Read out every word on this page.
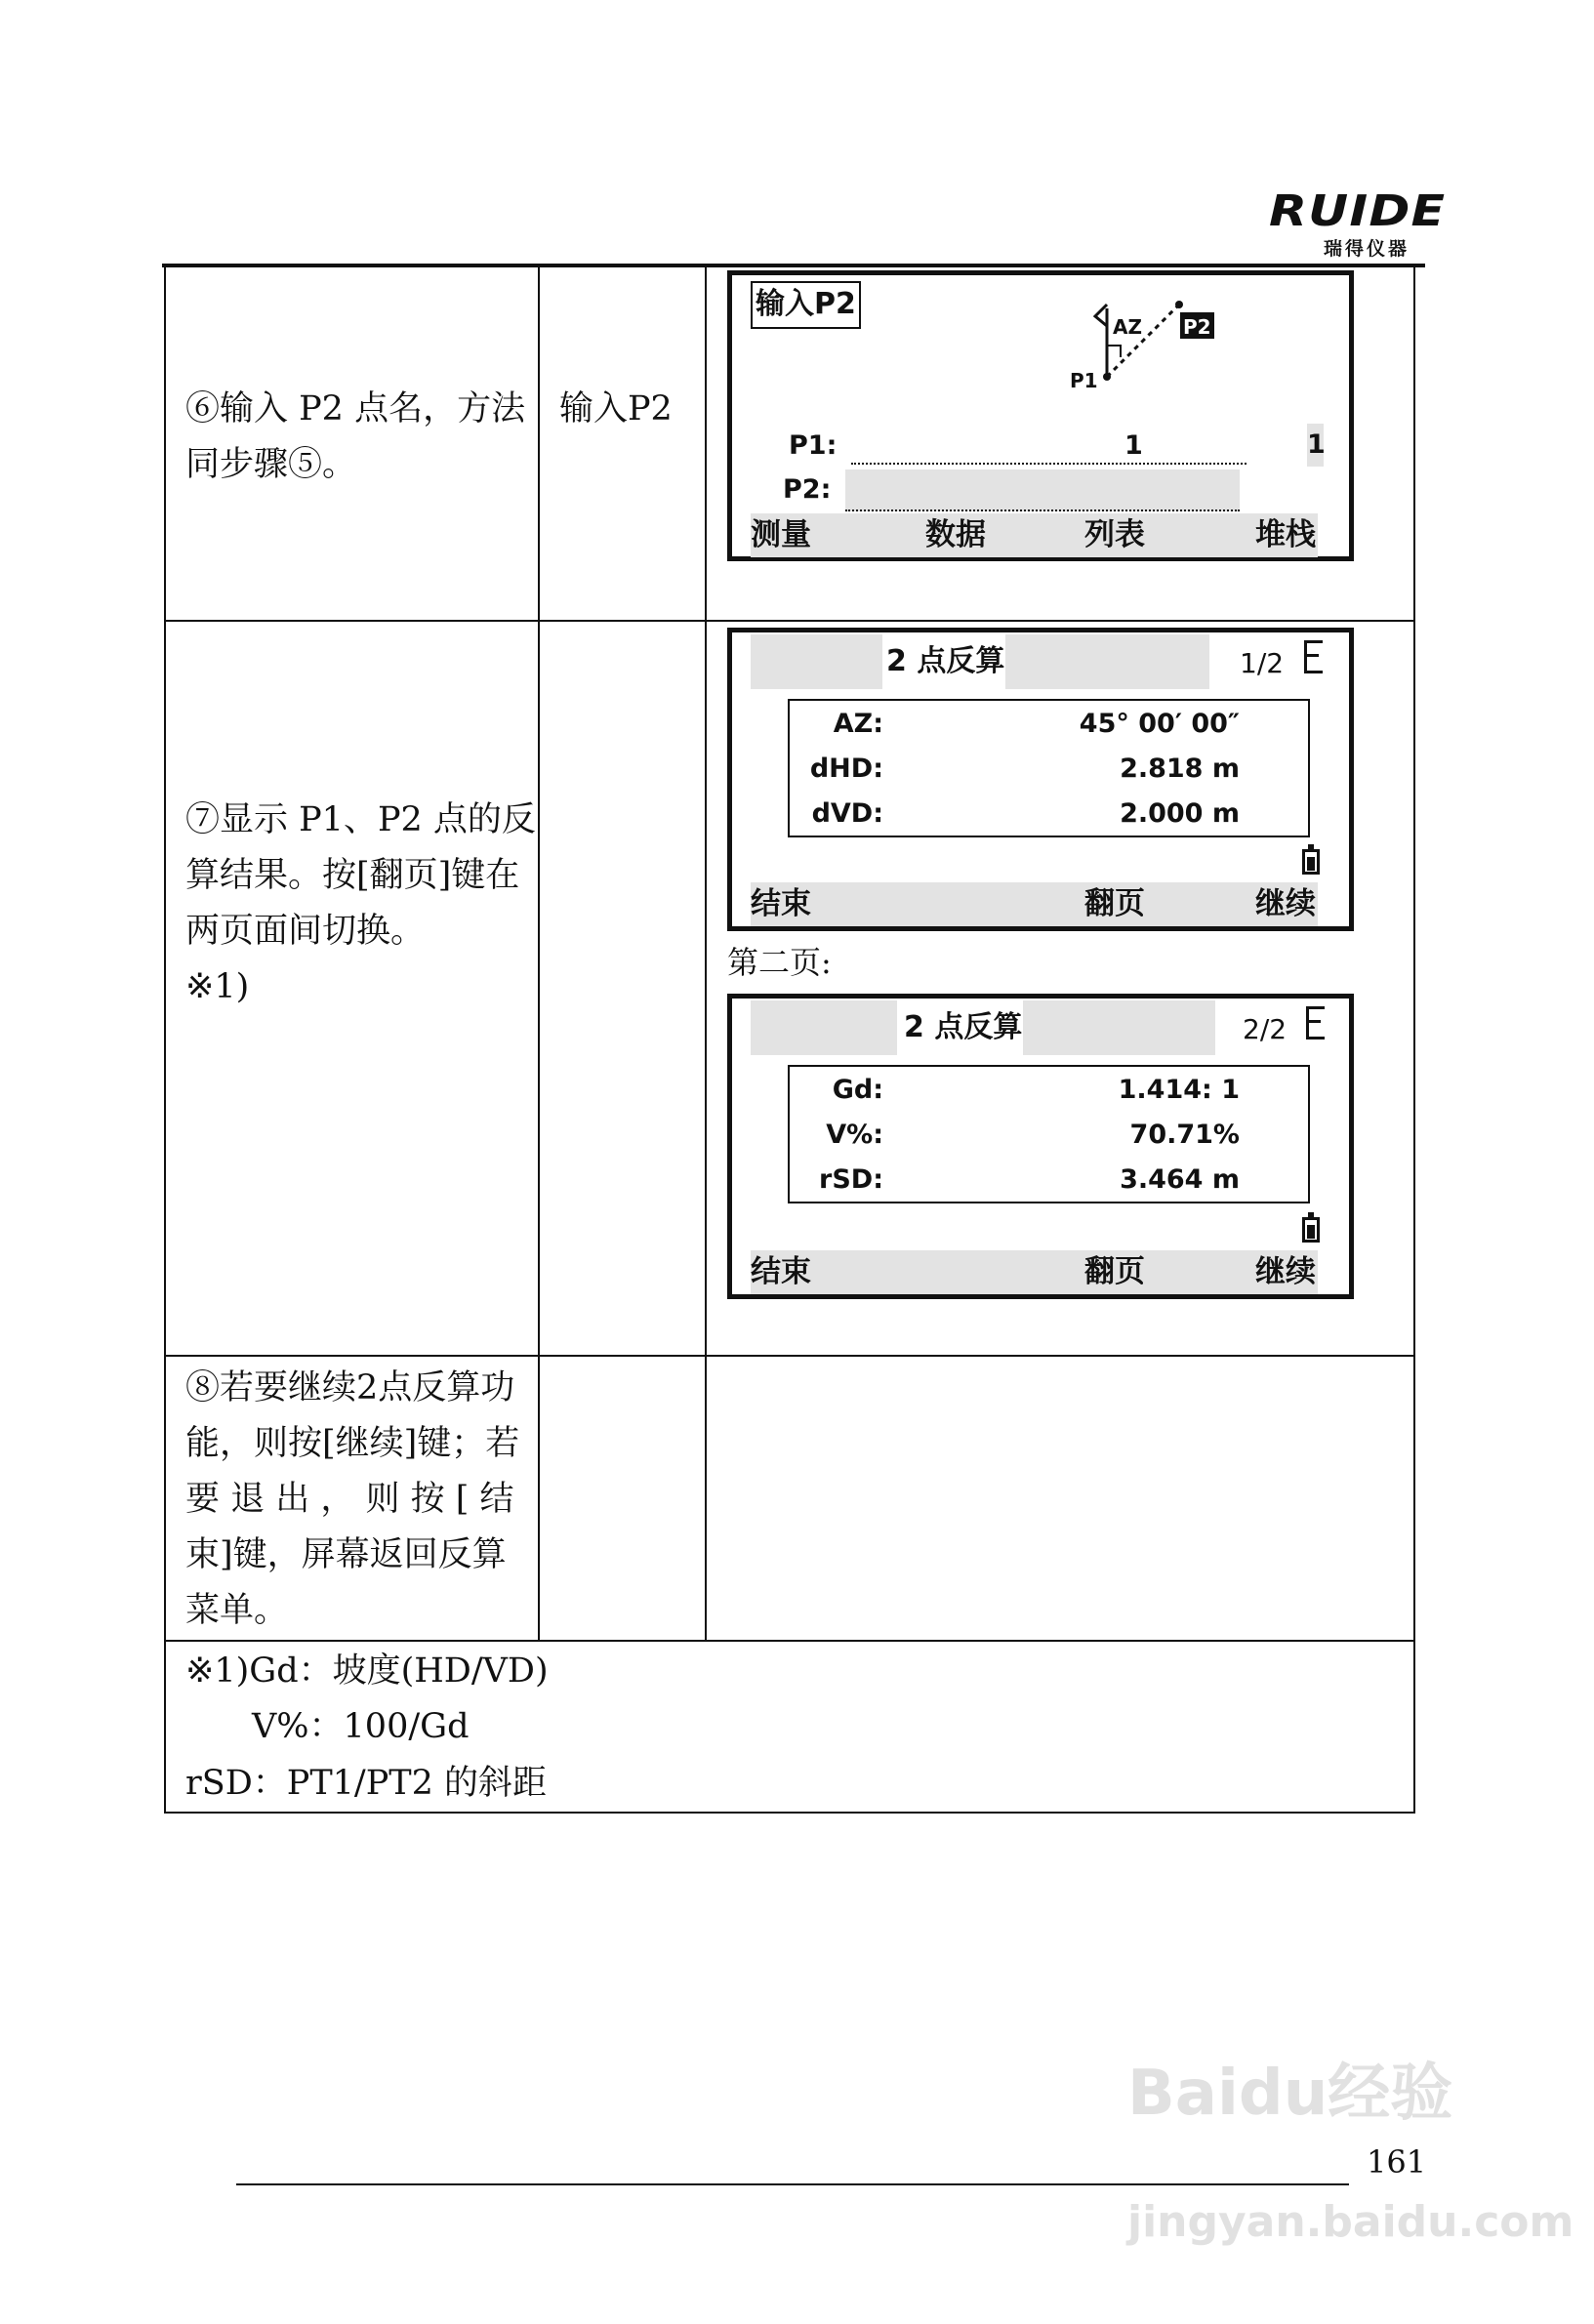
RUIDE
瑞得仪器
⑥输入 P2 点名，方法
同步骤⑤。
输入P2
输入P2
AZ
P1
P2
P1:	1	1
P2:
测量	数据	列表	堆栈
⑦显示 P1、P2 点的反
算结果。按[翻页]键在
两页面间切换。
※1)
2 点反算	1/2
AZ:	45° 00′ 00″
dHD:	2.818 m
dVD:	2.000 m
结束	翻页	继续
第二页:
2 点反算	2/2
Gd:	1.414: 1
V%:	70.71%
rSD:	3.464 m
结束	翻页	继续
⑧若要继续2点反算功
能，则按[继续]键；若
要 退 出 ， 则 按 [ 结
束]键，屏幕返回反算
菜单。
※1)Gd：坡度(HD/VD)
V%：100/Gd
rSD：PT1/PT2 的斜距
Baidu经验
161
jingyan.baidu.com
